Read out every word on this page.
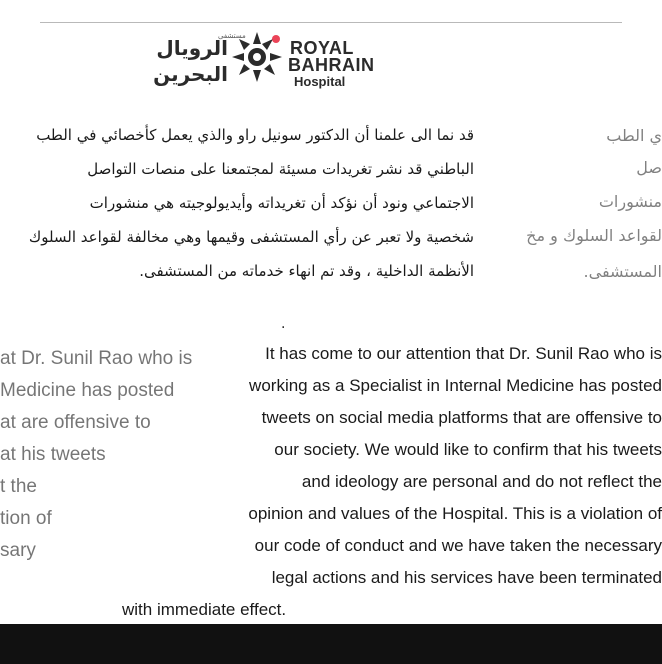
مستشفى
الرويال
البحرين
ROYAL
BAHRAIN
Hospital
ي الطب
صل
منشورات
لقواعد السلوك و مخ
المستشفى.
قد نما الى علمنا أن الدكتور سونيل راو والذي يعمل كأخصائي في الطب
الباطني قد نشر تغريدات مسيئة لمجتمعنا على منصات التواصل
الاجتماعي ونود أن نؤكد أن تغريداته وأيديولوجيته هي منشورات
شخصية ولا تعبر عن رأي المستشفى وقيمها وهي مخالفة لقواعد السلوك
الأنظمة الداخلية ، وقد تم انهاء خدماته من المستشفى.
.
at Dr. Sunil Rao who is
Medicine has posted
at are offensive to
at his tweets
t the
tion of
sary
It has come to our attention that Dr. Sunil Rao who is
working as a Specialist in Internal Medicine has posted
tweets on social media platforms that are offensive to
our society. We would like to confirm that his tweets
and ideology are personal and do not reflect the
opinion and values of the Hospital. This is a violation of
our code of conduct and we have taken the necessary
legal actions and his services have been terminated
with immediate effect.
